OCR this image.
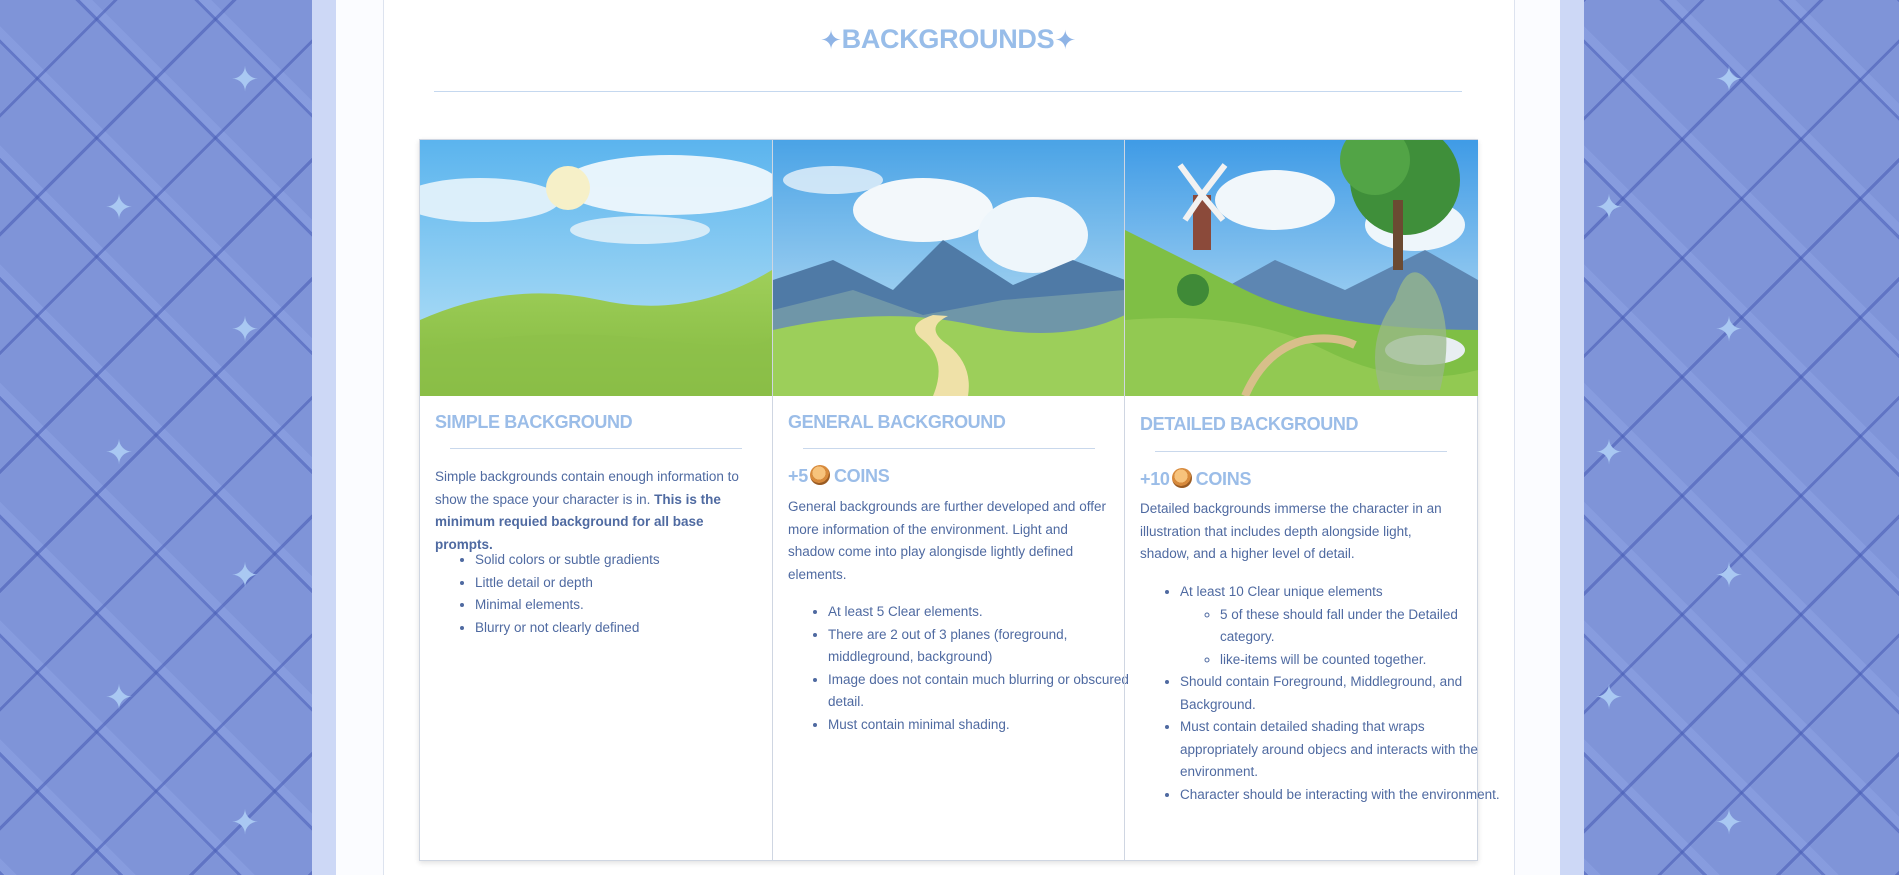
✦
✦
✦
✦
✦
✦
✦
✦
✦
✦
✦
✦
✦
✦
✦BACKGROUNDS✦
SIMPLE BACKGROUND

Simple backgrounds contain enough information to show the space your character is in. This is the minimum requied background for all base prompts.

• Solid colors or subtle gradients
• Little detail or depth
• Minimal elements.
• Blurry or not clearly defined
GENERAL BACKGROUND
+5 COINS

General backgrounds are further developed and offer more information of the environment. Light and shadow come into play alongisde lightly defined elements.

• At least 5 Clear elements.
• There are 2 out of 3 planes (foreground, middleground, background)
• Image does not contain much blurring or obscured detail.
• Must contain minimal shading.
DETAILED BACKGROUND
+10 COINS

Detailed backgrounds immerse the character in an illustration that includes depth alongside light, shadow, and a higher level of detail.

• At least 10 Clear unique elements
◦ 5 of these should fall under the Detailed category.
◦ like-items will be counted together.
• Should contain Foreground, Middleground, and Background.
• Must contain detailed shading that wraps appropriately around objecs and interacts with the environment.
• Character should be interacting with the environment.
